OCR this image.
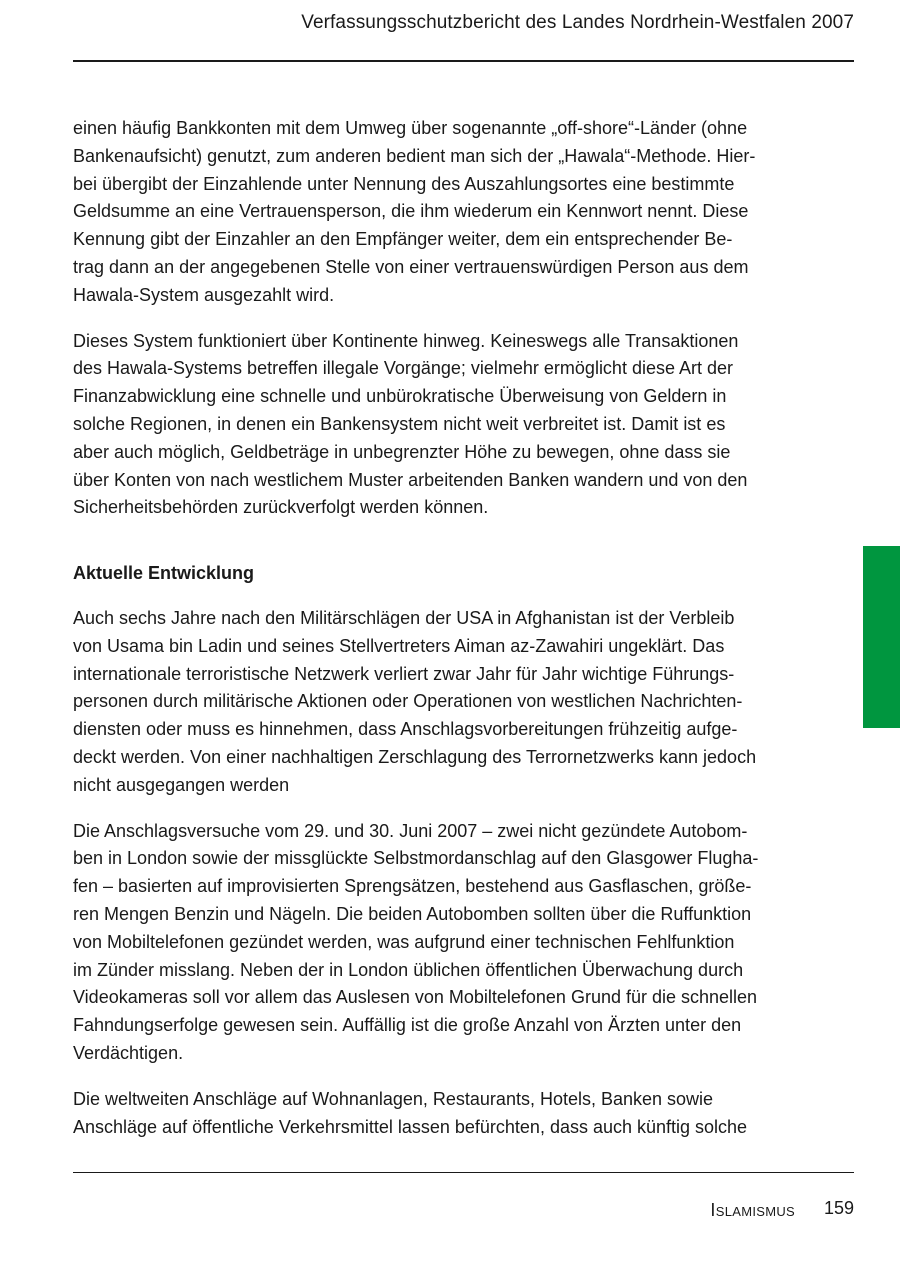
Verfassungsschutzbericht des Landes Nordrhein-Westfalen 2007
einen häufig Bankkonten mit dem Umweg über sogenannte „off-shore“-Länder (ohne
Bankenaufsicht) genutzt, zum anderen bedient man sich der „Hawala“-Methode. Hier-
bei übergibt der Einzahlende unter Nennung des Auszahlungsortes eine bestimmte
Geldsumme an eine Vertrauensperson, die ihm wiederum ein Kennwort nennt. Diese
Kennung gibt der Einzahler an den Empfänger weiter, dem ein entsprechender Be-
trag dann an der angegebenen Stelle von einer vertrauenswürdigen Person aus dem
Hawala-System ausgezahlt wird.
Dieses System funktioniert über Kontinente hinweg. Keineswegs alle Transaktionen
des Hawala-Systems betreffen illegale Vorgänge; vielmehr ermöglicht diese Art der
Finanzabwicklung eine schnelle und unbürokratische Überweisung von Geldern in
solche Regionen, in denen ein Bankensystem nicht weit verbreitet ist. Damit ist es
aber auch möglich, Geldbeträge in unbegrenzter Höhe zu bewegen, ohne dass sie
über Konten von nach westlichem Muster arbeitenden Banken wandern und von den
Sicherheitsbehörden zurückverfolgt werden können.
Aktuelle Entwicklung
Auch sechs Jahre nach den Militärschlägen der USA in Afghanistan ist der Verbleib
von Usama bin Ladin und seines Stellvertreters Aiman az-Zawahiri ungeklärt. Das
internationale terroristische Netzwerk verliert zwar Jahr für Jahr wichtige Führungs-
personen durch militärische Aktionen oder Operationen von westlichen Nachrichten-
diensten oder muss es hinnehmen, dass Anschlagsvorbereitungen frühzeitig aufge-
deckt werden. Von einer nachhaltigen Zerschlagung des Terrornetzwerks kann jedoch
nicht ausgegangen werden
Die Anschlagsversuche vom 29. und 30. Juni 2007 – zwei nicht gezündete Autobom-
ben in London sowie der missglückte Selbstmordanschlag auf den Glasgower Flugha-
fen – basierten auf improvisierten Sprengsätzen, bestehend aus Gasflaschen, größe-
ren Mengen Benzin und Nägeln. Die beiden Autobomben sollten über die Ruffunktion
von Mobiltelefonen gezündet werden, was aufgrund einer technischen Fehlfunktion
im Zünder misslang. Neben der in London üblichen öffentlichen Überwachung durch
Videokameras soll vor allem das Auslesen von Mobiltelefonen Grund für die schnellen
Fahndungserfolge gewesen sein. Auffällig ist die große Anzahl von Ärzten unter den
Verdächtigen.
Die weltweiten Anschläge auf Wohnanlagen, Restaurants, Hotels, Banken sowie
Anschläge auf öffentliche Verkehrsmittel lassen befürchten, dass auch künftig solche
Islamismus 159
